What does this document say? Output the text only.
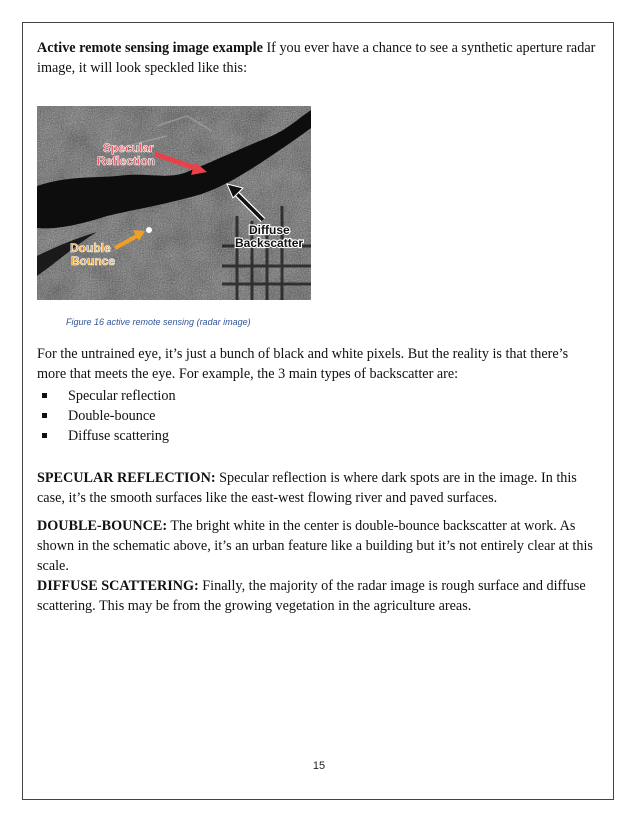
Active remote sensing image example If you ever have a chance to see a synthetic aperture radar image, it will look speckled like this:

Specular
Reflection
Diffuse
Backscatter
Double
Bounce
Figure 16 active remote sensing (radar image)

For the untrained eye, it’s just a bunch of black and white pixels. But the reality is that there’s more that meets the eye. For example, the 3 main types of backscatter are:

Specular reflection
Double-bounce
Diffuse scattering

SPECULAR REFLECTION: Specular reflection is where dark spots are in the image. In this case, it’s the smooth surfaces like the east-west flowing river and paved surfaces.

DOUBLE-BOUNCE: The bright white in the center is double-bounce backscatter at work. As shown in the schematic above, it’s an urban feature like a building but it’s not entirely clear at this scale.

DIFFUSE SCATTERING: Finally, the majority of the radar image is rough surface and diffuse scattering. This may be from the growing vegetation in the agriculture areas.

15
